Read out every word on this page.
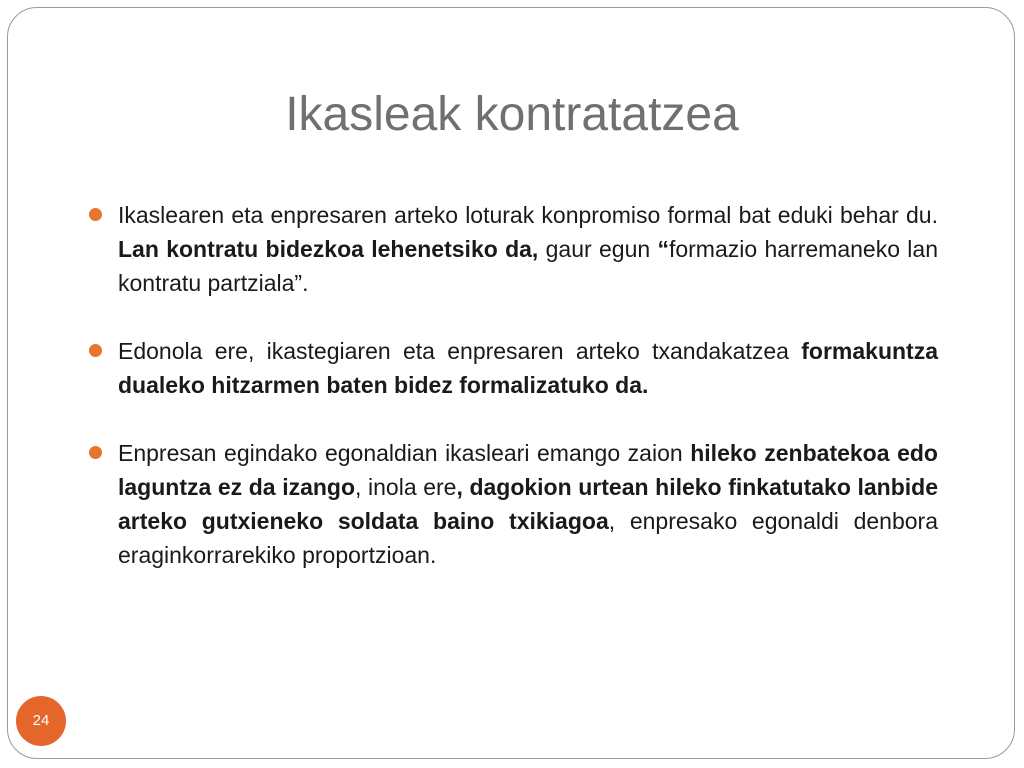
Ikasleak kontratatzea
Ikaslearen eta enpresaren arteko loturak konpromiso formal bat eduki behar du. Lan kontratu bidezkoa lehenetsiko da, gaur egun “formazio harremaneko lan kontratu partziala”.
Edonola ere, ikastegiaren eta enpresaren arteko txandakatzea formakuntza dualeko hitzarmen baten bidez formalizatuko da.
Enpresan egindako egonaldian ikasleari emango zaion hileko zenbatekoa edo laguntza ez da izango, inola ere, dagokion urtean hileko finkatutako lanbide arteko gutxieneko soldata baino txikiagoa, enpresako egonaldi denbora eraginkorrarekiko proportzioan.
24
